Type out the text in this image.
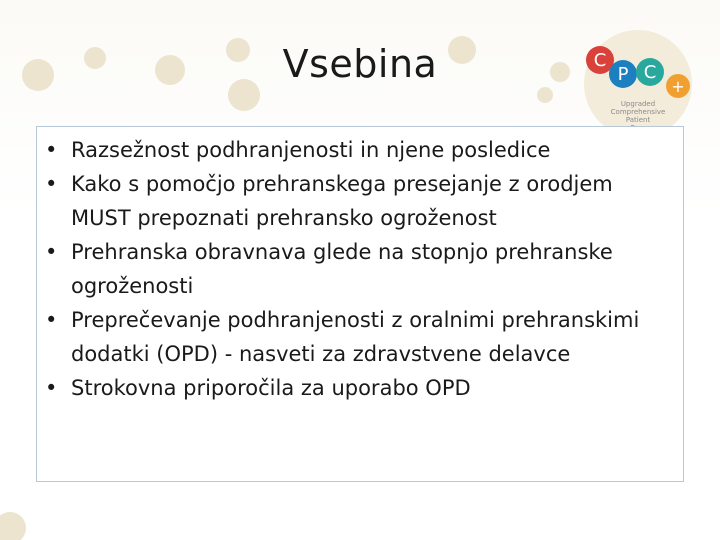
Vsebina	C
P C
+
Upgraded
Comprehensive
Patient
• Razsežnost podhranjenosti in njene posledice
• Kako s pomočjo prehranskega presejanje z orodjem MUST prepoznati prehransko ogroženost
• Prehranska obravnava glede na stopnjo prehranske ogroženosti
• Preprečevanje podhranjenosti z oralnimi prehranskimi dodatki (OPD) - nasveti za zdravstvene delavce
• Strokovna priporočila za uporabo OPD
